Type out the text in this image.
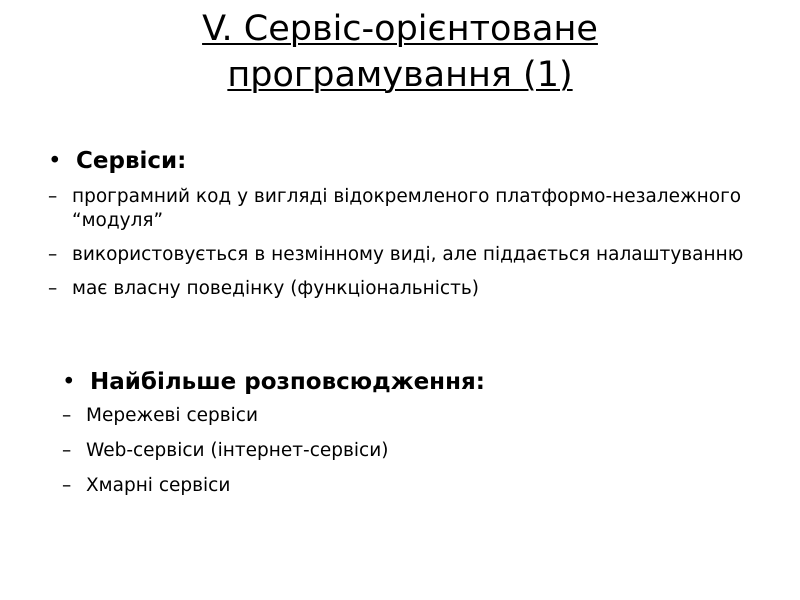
V. Сервіс-орієнтоване
програмування (1)
• Сервіси:
– програмний код у вигляді відокремленого платформо-незалежного “модуля”
– використовується в незмінному виді, але піддається налаштуванню
– має власну поведінку (функціональність)
• Найбільше розповсюдження:
– Мережеві сервіси
– Web-сервіси (інтернет-сервіси)
– Хмарні сервіси
